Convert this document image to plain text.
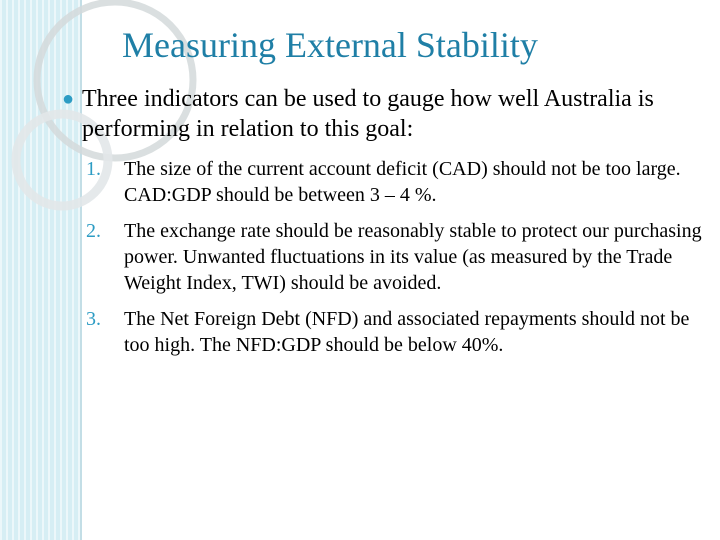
Measuring External Stability
● Three indicators can be used to gauge how well Australia is performing in relation to this goal:
1. The size of the current account deficit (CAD) should not be too large. CAD:GDP should be between 3 – 4 %.
2. The exchange rate should be reasonably stable to protect our purchasing power. Unwanted fluctuations in its value (as measured by the Trade Weight Index, TWI) should be avoided.
3. The Net Foreign Debt (NFD) and associated repayments should not be too high. The NFD:GDP should be below 40%.
